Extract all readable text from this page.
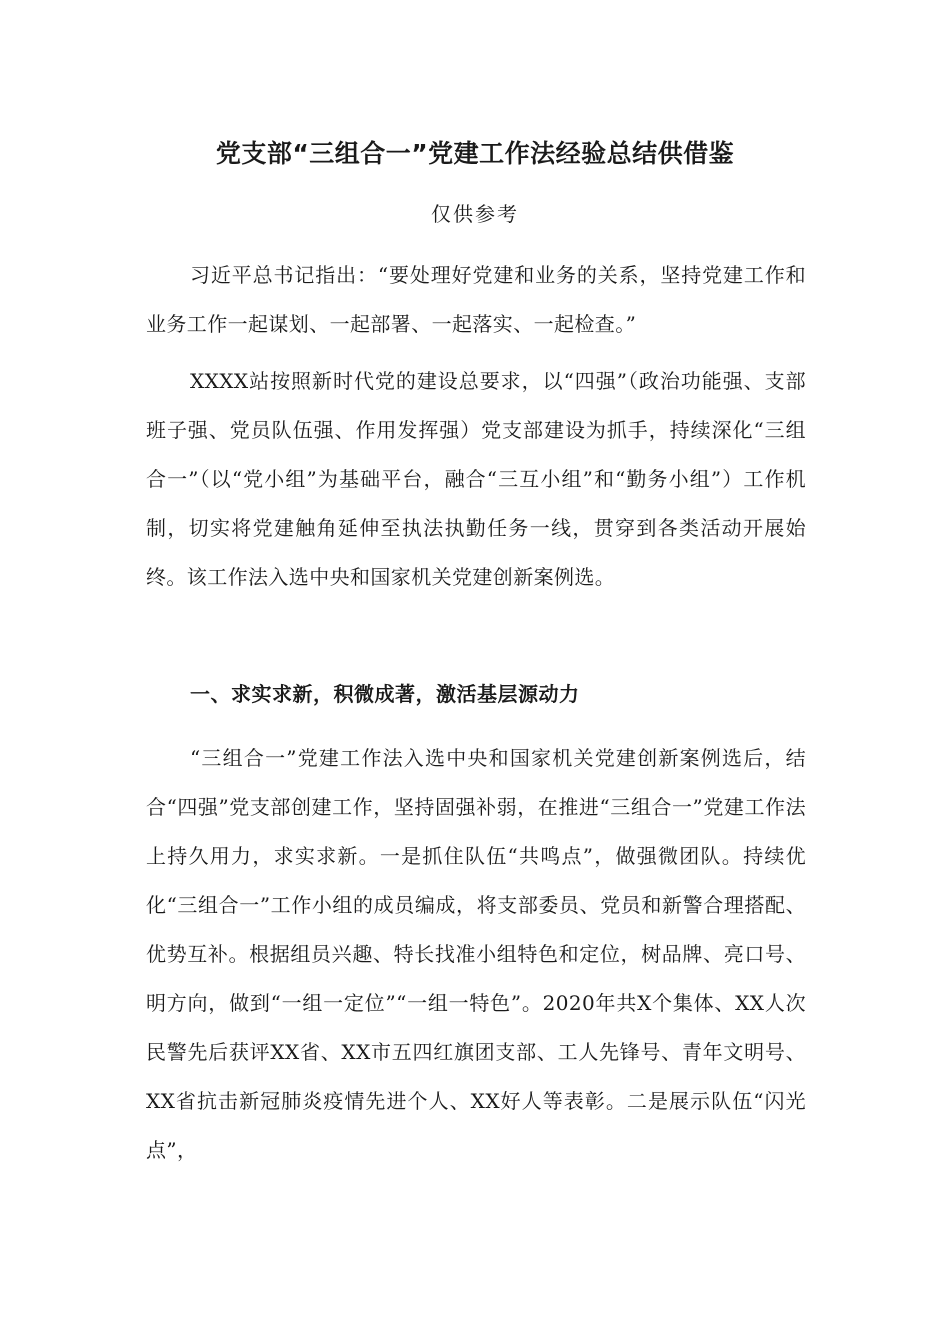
党支部“三组合一”党建工作法经验总结供借鉴
仅供参考

习近平总书记指出：“要处理好党建和业务的关系，坚持党建工作和业务工作一起谋划、一起部署、一起落实、一起检查。”

XXXX站按照新时代党的建设总要求，以“四强”（政治功能强、支部班子强、党员队伍强、作用发挥强）党支部建设为抓手，持续深化“三组合一”（以“党小组”为基础平台，融合“三互小组”和“勤务小组”）工作机制，切实将党建触角延伸至执法执勤任务一线，贯穿到各类活动开展始终。该工作法入选中央和国家机关党建创新案例选。

一、求实求新，积微成著，激活基层源动力

“三组合一”党建工作法入选中央和国家机关党建创新案例选后，结合“四强”党支部创建工作，坚持固强补弱，在推进“三组合一”党建工作法上持久用力，求实求新。一是抓住队伍“共鸣点”，做强微团队。持续优化“三组合一”工作小组的成员编成，将支部委员、党员和新警合理搭配、优势互补。根据组员兴趣、特长找准小组特色和定位，树品牌、亮口号、明方向，做到“一组一定位”“一组一特色”。2020年共X个集体、XX人次民警先后获评XX省、XX市五四红旗团支部、工人先锋号、青年文明号、XX省抗击新冠肺炎疫情先进个人、XX好人等表彰。二是展示队伍“闪光点”，
